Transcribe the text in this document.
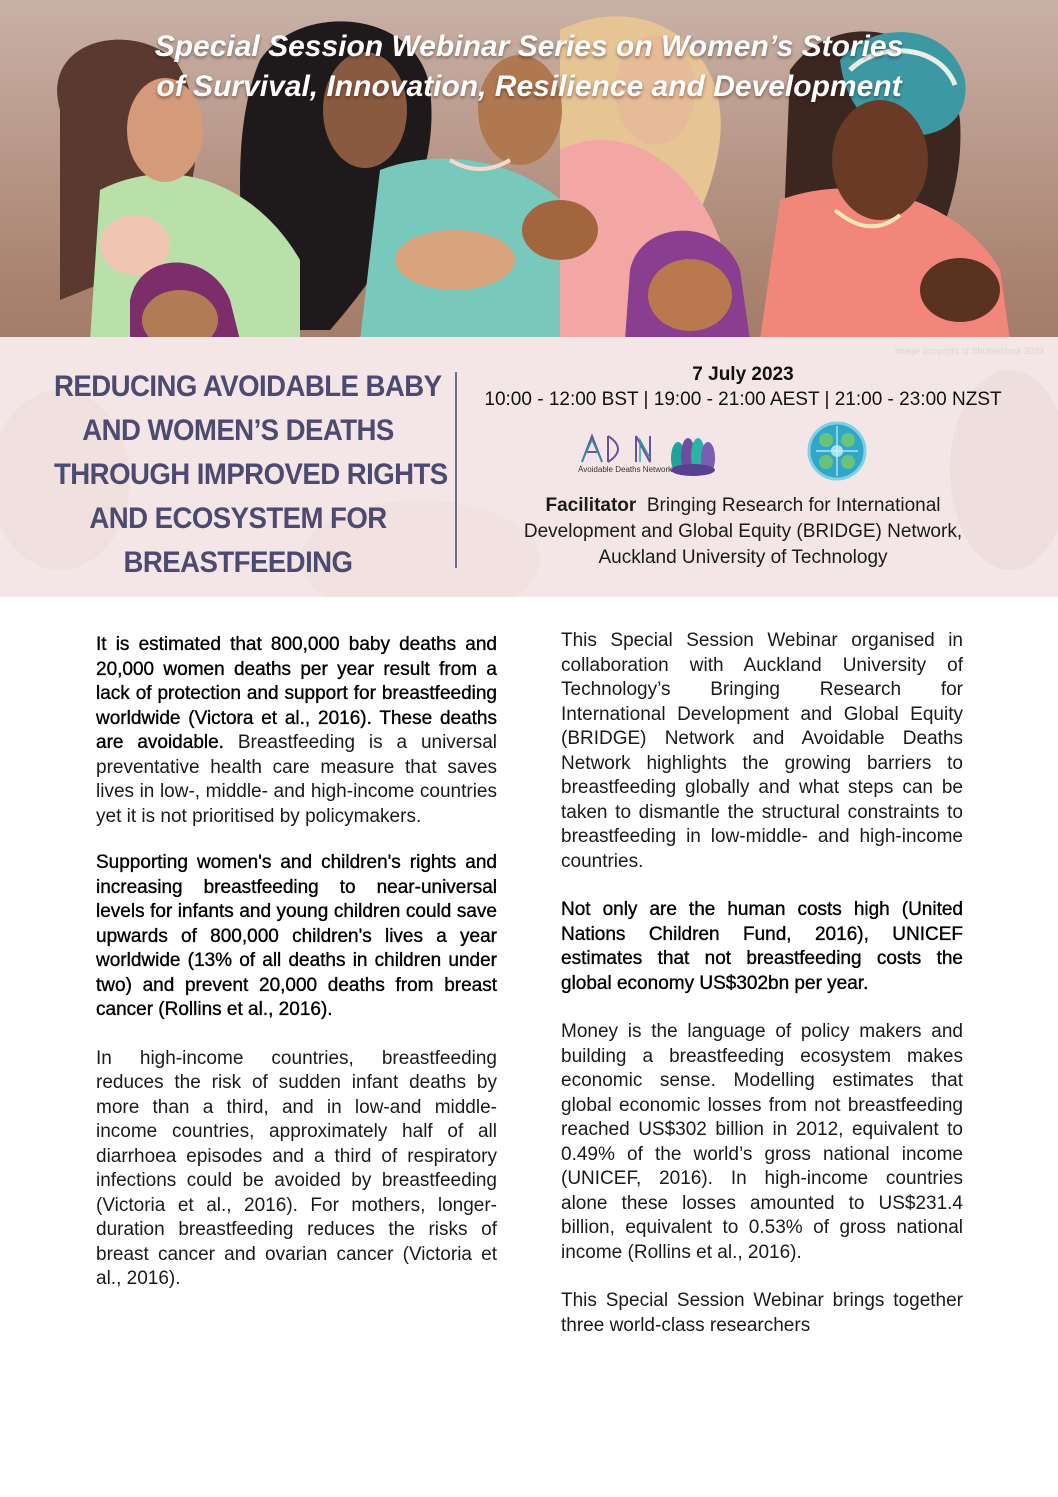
Special Session Webinar Series on Women’s Stories
of Survival, Innovation, Resilience and Development
Image copyright of Shutterstock 2023
REDUCING AVOIDABLE BABY
AND WOMEN’S DEATHS
THROUGH IMPROVED RIGHTS
AND ECOSYSTEM FOR
BREASTFEEDING
7 July 2023
10:00 - 12:00 BST | 19:00 - 21:00 AEST | 21:00 - 23:00 NZST
Avoidable Deaths Network
Facilitator Bringing Research for International
Development and Global Equity (BRIDGE) Network,
Auckland University of Technology

It is estimated that 800,000 baby deaths and 20,000 women deaths per year result from a lack of protection and support for breastfeeding worldwide (Victora et al., 2016). These deaths are avoidable. Breastfeeding is a universal preventative health care measure that saves lives in low-, middle- and high-income countries yet it is not prioritised by policymakers.

Supporting women's and children's rights and increasing breastfeeding to near-universal levels for infants and young children could save upwards of 800,000 children's lives a year worldwide (13% of all deaths in children under two) and prevent 20,000 deaths from breast cancer (Rollins et al., 2016).

In high-income countries, breastfeeding reduces the risk of sudden infant deaths by more than a third, and in low-and middle-income countries, approximately half of all diarrhoea episodes and a third of respiratory infections could be avoided by breastfeeding (Victoria et al., 2016). For mothers, longer-duration breastfeeding reduces the risks of breast cancer and ovarian cancer (Victoria et al., 2016).

This Special Session Webinar organised in collaboration with Auckland University of Technology’s Bringing Research for International Development and Global Equity (BRIDGE) Network and Avoidable Deaths Network highlights the growing barriers to breastfeeding globally and what steps can be taken to dismantle the structural constraints to breastfeeding in low-middle- and high-income countries.

Not only are the human costs high (United Nations Children Fund, 2016), UNICEF estimates that not breastfeeding costs the global economy US$302bn per year.

Money is the language of policy makers and building a breastfeeding ecosystem makes economic sense. Modelling estimates that global economic losses from not breastfeeding reached US$302 billion in 2012, equivalent to 0.49% of the world’s gross national income (UNICEF, 2016). In high-income countries alone these losses amounted to US$231.4 billion, equivalent to 0.53% of gross national income (Rollins et al., 2016).

This Special Session Webinar brings together three world-class researchers
